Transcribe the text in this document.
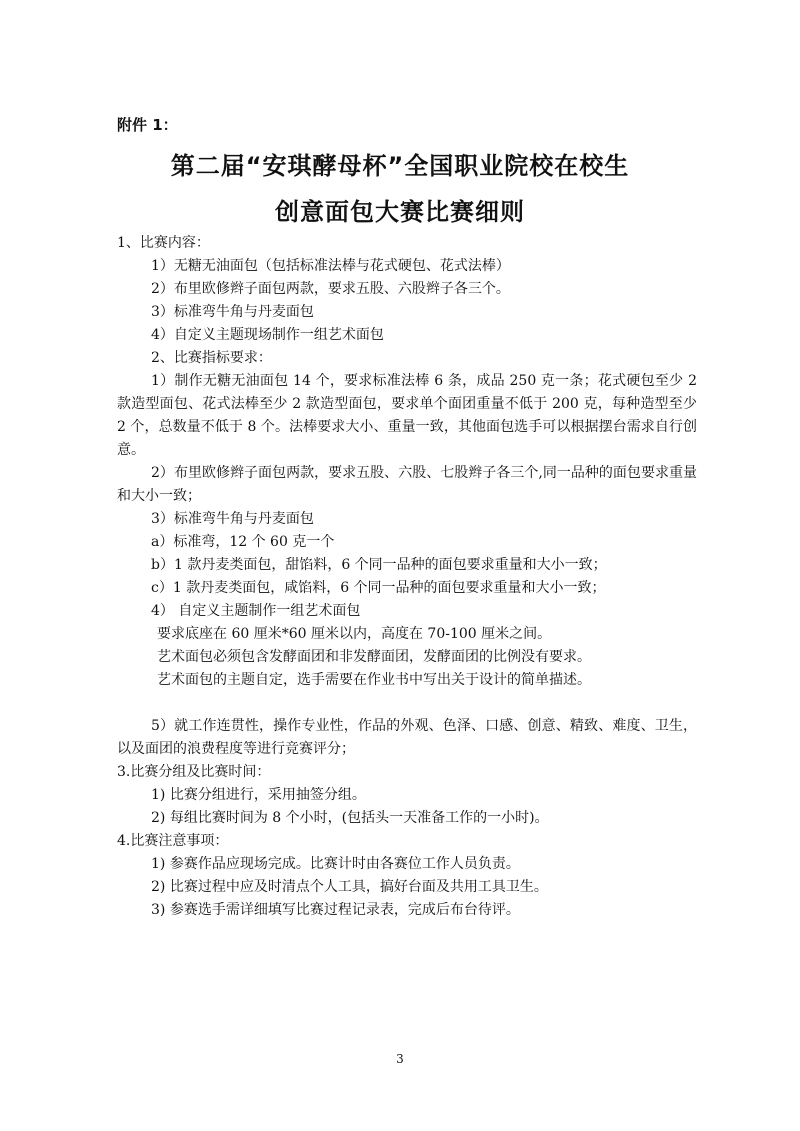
附件 1：
第二届“安琪酵母杯”全国职业院校在校生
创意面包大赛比赛细则
1、比赛内容：
1）无糖无油面包（包括标准法棒与花式硬包、花式法棒）
2）布里欧修辫子面包两款，要求五股、六股辫子各三个。
3）标准弯牛角与丹麦面包
4）自定义主题现场制作一组艺术面包
2、比赛指标要求：
1）制作无糖无油面包 14 个，要求标准法棒 6 条，成品 250 克一条；花式硬包至少 2 款造型面包、花式法棒至少 2 款造型面包，要求单个面团重量不低于 200 克，每种造型至少 2 个，总数量不低于 8 个。法棒要求大小、重量一致，其他面包选手可以根据摆台需求自行创意。
2）布里欧修辫子面包两款，要求五股、六股、七股辫子各三个,同一品种的面包要求重量和大小一致；
3）标准弯牛角与丹麦面包
a）标准弯，12 个 60 克一个
b）1 款丹麦类面包，甜馅料，6 个同一品种的面包要求重量和大小一致；
c）1 款丹麦类面包，咸馅料，6 个同一品种的面包要求重量和大小一致；
4） 自定义主题制作一组艺术面包
要求底座在 60 厘米*60 厘米以内，高度在 70-100 厘米之间。
艺术面包必须包含发酵面团和非发酵面团，发酵面团的比例没有要求。
艺术面包的主题自定，选手需要在作业书中写出关于设计的简单描述。
5）就工作连贯性，操作专业性，作品的外观、色泽、口感、创意、精致、难度、卫生，以及面团的浪费程度等进行竞赛评分；
3.比赛分组及比赛时间：
1) 比赛分组进行，采用抽签分组。
2) 每组比赛时间为 8 个小时，(包括头一天准备工作的一小时)。
4.比赛注意事项：
1) 参赛作品应现场完成。比赛计时由各赛位工作人员负责。
2) 比赛过程中应及时清点个人工具，搞好台面及共用工具卫生。
3) 参赛选手需详细填写比赛过程记录表，完成后布台待评。
3
